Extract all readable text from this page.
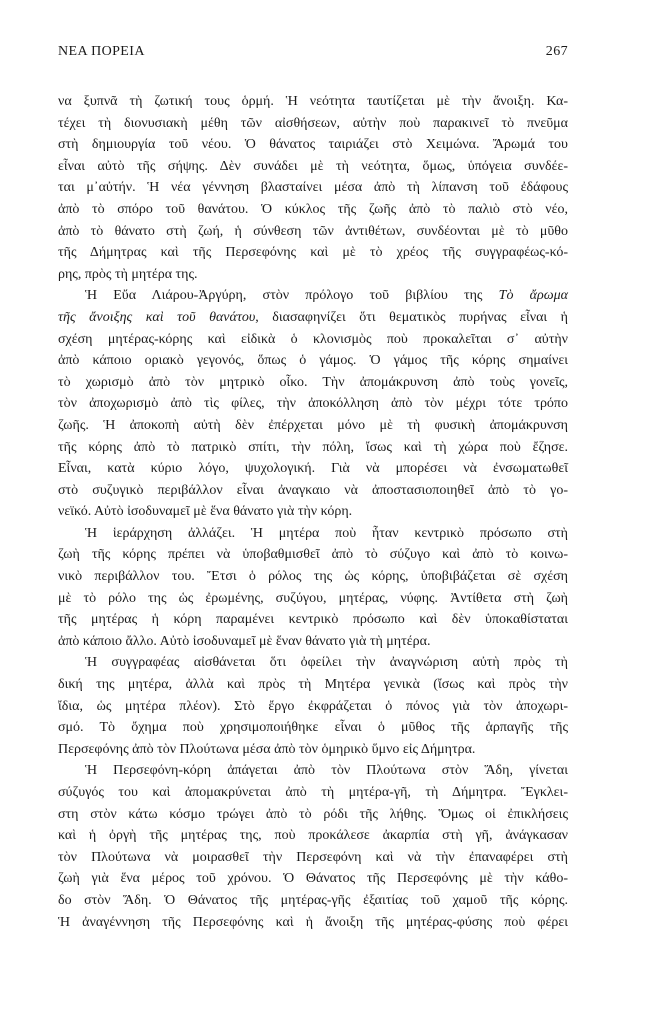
ΝΕΑ ΠΟΡΕΙΑ	267
να ξυπνᾶ τὴ ζωτική τους ὁρμή. Ἡ νεότητα ταυτίζεται μὲ τὴν ἄνοιξη. Κα-
τέχει τὴ διονυσιακὴ μέθη τῶν αἰσθήσεων, αὐτὴν ποὺ παρακινεῖ τὸ πνεῦμα
στὴ δημιουργία τοῦ νέου. Ὁ θάνατος ταιριάζει στὸ Χειμώνα. Ἄρωμά του
εἶναι αὐτὸ τῆς σήψης. Δὲν συνάδει μὲ τὴ νεότητα, ὅμως, ὑπόγεια συνδέε-
ται μ᾽αὐτήν. Ἡ νέα γέννηση βλασταίνει μέσα ἀπὸ τὴ λίπανση τοῦ ἐδάφους
ἀπὸ τὸ σπόρο τοῦ θανάτου. Ὁ κύκλος τῆς ζωῆς ἀπὸ τὸ παλιὸ στὸ νέο,
ἀπὸ τὸ θάνατο στὴ ζωή, ἡ σύνθεση τῶν ἀντιθέτων, συνδέονται μὲ τὸ μῦθο
τῆς Δήμητρας καὶ τῆς Περσεφόνης καὶ μὲ τὸ χρέος τῆς συγγραφέως-κό-
ρης, πρὸς τὴ μητέρα της.
Ἡ Εὔα Λιάρου-Ἀργύρη, στὸν πρόλογο τοῦ βιβλίου της Τὸ ἄρωμα
τῆς ἄνοιξης καὶ τοῦ θανάτου, διασαφηνίζει ὅτι θεματικὸς πυρήνας εἶναι ἡ
σχέση μητέρας-κόρης καὶ εἰδικὰ ὁ κλονισμὸς ποὺ προκαλεῖται σ᾽ αὐτὴν
ἀπὸ κάποιο οριακὸ γεγονός, ὅπως ὁ γάμος. Ὁ γάμος τῆς κόρης σημαίνει
τὸ χωρισμὸ ἀπὸ τὸν μητρικὸ οἶκο. Τὴν ἀπομάκρυνση ἀπὸ τοὺς γονεῖς,
τὸν ἀποχωρισμὸ ἀπὸ τὶς φίλες, τὴν ἀποκόλληση ἀπὸ τὸν μέχρι τότε τρόπο
ζωῆς. Ἡ ἀποκοπὴ αὐτὴ δὲν ἐπέρχεται μόνο μὲ τὴ φυσικὴ ἀπομάκρυνση
τῆς κόρης ἀπὸ τὸ πατρικὸ σπίτι, τὴν πόλη, ἴσως καὶ τὴ χώρα ποὺ ἔζησε.
Εἶναι, κατὰ κύριο λόγο, ψυχολογική. Γιὰ νὰ μπορέσει νὰ ἐνσωματωθεῖ
στὸ συζυγικὸ περιβάλλον εἶναι ἀναγκαιο νὰ ἀποστασιοποιηθεῖ ἀπὸ τὸ γο-
νεϊκό. Αὐτὸ ἰσοδυναμεῖ μὲ ἕνα θάνατο γιὰ τὴν κόρη.
Ἡ ἱεράρχηση ἀλλάζει. Ἡ μητέρα ποὺ ἦταν κεντρικὸ πρόσωπο στὴ
ζωὴ τῆς κόρης πρέπει νὰ ὑποβαθμισθεῖ ἀπὸ τὸ σύζυγο καὶ ἀπὸ τὸ κοινω-
νικὸ περιβάλλον του. Ἔτσι ὁ ρόλος της ὡς κόρης, ὑποβιβάζεται σὲ σχέση
μὲ τὸ ρόλο της ὡς ἐρωμένης, συζύγου, μητέρας, νύφης. Ἀντίθετα στὴ ζωὴ
τῆς μητέρας ἡ κόρη παραμένει κεντρικὸ πρόσωπο καὶ δὲν ὑποκαθίσταται
ἀπὸ κάποιο ἄλλο. Αὐτὸ ἰσοδυναμεῖ μὲ ἕναν θάνατο γιὰ τὴ μητέρα.
Ἡ συγγραφέας αἰσθάνεται ὅτι ὀφείλει τὴν ἀναγνώριση αὐτὴ πρὸς τὴ
δική της μητέρα, ἀλλὰ καὶ πρὸς τὴ Μητέρα γενικὰ (ἴσως καὶ πρὸς τὴν
ἴδια, ὡς μητέρα πλέον). Στὸ ἔργο ἐκφράζεται ὁ πόνος γιὰ τὸν ἀποχωρι-
σμό. Τὸ ὄχημα ποὺ χρησιμοποιήθηκε εἶναι ὁ μῦθος τῆς ἁρπαγῆς τῆς
Περσεφόνης ἀπὸ τὸν Πλούτωνα μέσα ἀπὸ τὸν ὁμηρικὸ ὕμνο εἰς Δήμητρα.
Ἡ Περσεφόνη-κόρη ἀπάγεται ἀπὸ τὸν Πλούτωνα στὸν Ἅδη, γίνεται
σύζυγός του καὶ ἀπομακρύνεται ἀπὸ τὴ μητέρα-γῆ, τὴ Δήμητρα. Ἔγκλει-
στη στὸν κάτω κόσμο τρώγει ἀπὸ τὸ ρόδι τῆς λήθης. Ὅμως οἱ ἐπικλήσεις
καὶ ἡ ὀργὴ τῆς μητέρας της, ποὺ προκάλεσε ἀκαρπία στὴ γῆ, ἀνάγκασαν
τὸν Πλούτωνα νὰ μοιρασθεῖ τὴν Περσεφόνη καὶ νὰ τὴν ἐπαναφέρει στὴ
ζωὴ γιὰ ἕνα μέρος τοῦ χρόνου. Ὁ Θάνατος τῆς Περσεφόνης μὲ τὴν κάθο-
δο στὸν Ἅδη. Ὁ Θάνατος τῆς μητέρας-γῆς ἐξαιτίας τοῦ χαμοῦ τῆς κόρης.
Ἡ ἀναγέννηση τῆς Περσεφόνης καὶ ἡ ἄνοιξη τῆς μητέρας-φύσης ποὺ φέρει
